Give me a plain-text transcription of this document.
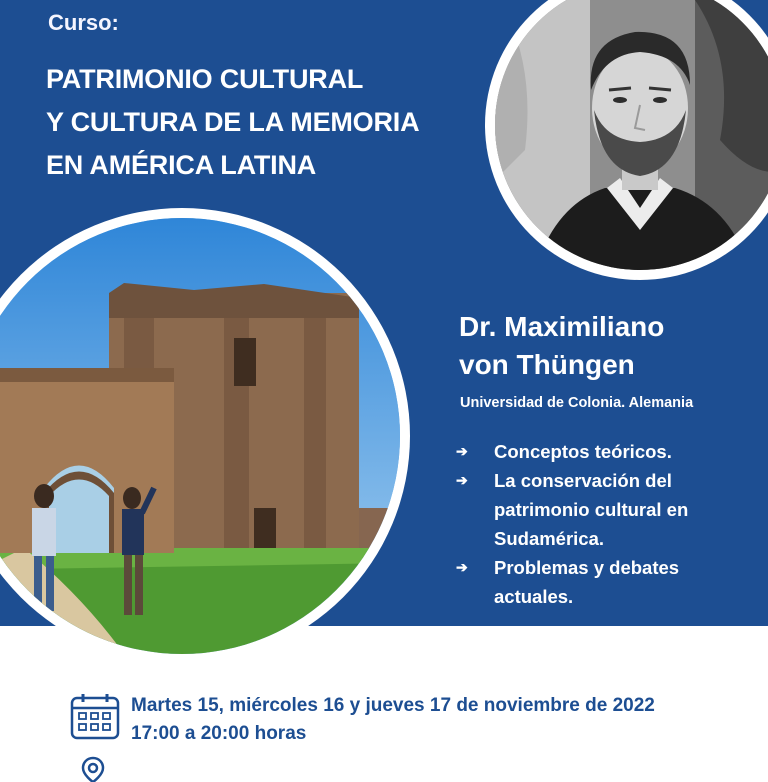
Curso:
PATRIMONIO CULTURAL
Y CULTURA DE LA MEMORIA
EN AMÉRICA LATINA
Dr. Maximiliano
von Thüngen
Universidad de Colonia. Alemania
➔ Conceptos teóricos.
➔ La conservación del patrimonio cultural en Sudamérica.
➔ Problemas y debates actuales.
Martes 15, miércoles 16 y jueves 17 de noviembre de 2022
17:00 a 20:00 horas
